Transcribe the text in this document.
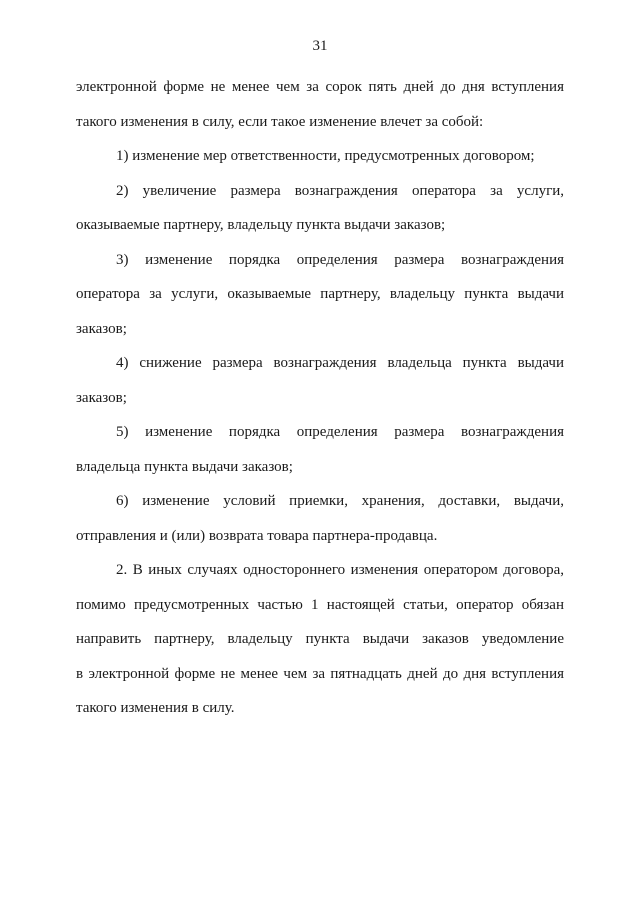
31
электронной форме не менее чем за сорок пять дней до дня вступления
такого изменения в силу, если такое изменение влечет за собой:
1) изменение мер ответственности, предусмотренных договором;
2) увеличение размера вознаграждения оператора за услуги,
оказываемые партнеру, владельцу пункта выдачи заказов;
3) изменение порядка определения размера вознаграждения
оператора за услуги, оказываемые партнеру, владельцу пункта выдачи
заказов;
4) снижение размера вознаграждения владельца пункта выдачи
заказов;
5) изменение порядка определения размера вознаграждения
владельца пункта выдачи заказов;
6) изменение условий приемки, хранения, доставки, выдачи,
отправления и (или) возврата товара партнера-продавца.
2. В иных случаях одностороннего изменения оператором договора,
помимо предусмотренных частью 1 настоящей статьи, оператор обязан
направить партнеру, владельцу пункта выдачи заказов уведомление
в электронной форме не менее чем за пятнадцать дней до дня вступления
такого изменения в силу.
